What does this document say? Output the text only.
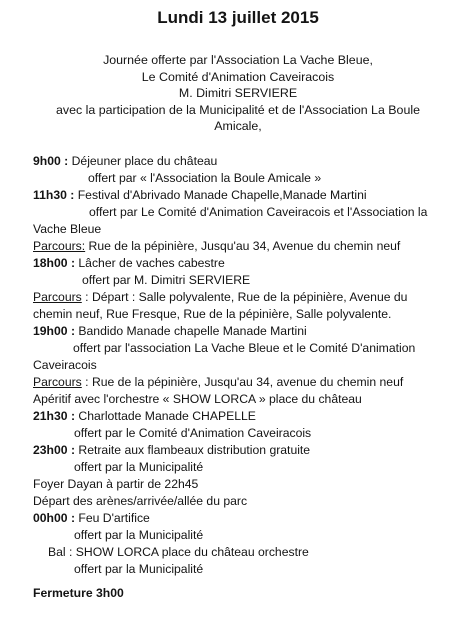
Lundi 13 juillet 2015
Journée offerte par l'Association La Vache Bleue,
Le Comité d'Animation Caveiracois
M. Dimitri SERVIERE
avec la participation de la Municipalité et de l'Association La Boule
Amicale,
9h00 : Déjeuner place du château
offert par « l'Association la Boule Amicale »
11h30 : Festival d'Abrivado Manade Chapelle,Manade Martini
offert par Le Comité d'Animation Caveiracois et l'Association la
Vache Bleue
Parcours: Rue de la pépinière, Jusqu'au 34, Avenue du chemin neuf
18h00 : Lâcher de vaches cabestre
offert par M. Dimitri SERVIERE
Parcours : Départ : Salle polyvalente, Rue de la pépinière, Avenue du
chemin neuf, Rue Fresque, Rue de la pépinière, Salle polyvalente.
19h00 : Bandido Manade chapelle Manade Martini
offert par l'association La Vache Bleue et le Comité D'animation
Caveiracois
Parcours : Rue de la pépinière, Jusqu'au 34, avenue du chemin neuf
Apéritif avec l'orchestre « SHOW LORCA » place du château
21h30 : Charlottade Manade CHAPELLE
offert par le Comité d'Animation Caveiracois
23h00 : Retraite aux flambeaux distribution gratuite
offert par la Municipalité
Foyer Dayan à partir de 22h45
Départ des arènes/arrivée/allée du parc
00h00 : Feu D'artifice
offert par la Municipalité
Bal : SHOW LORCA place du château orchestre
offert par la Municipalité
Fermeture 3h00
